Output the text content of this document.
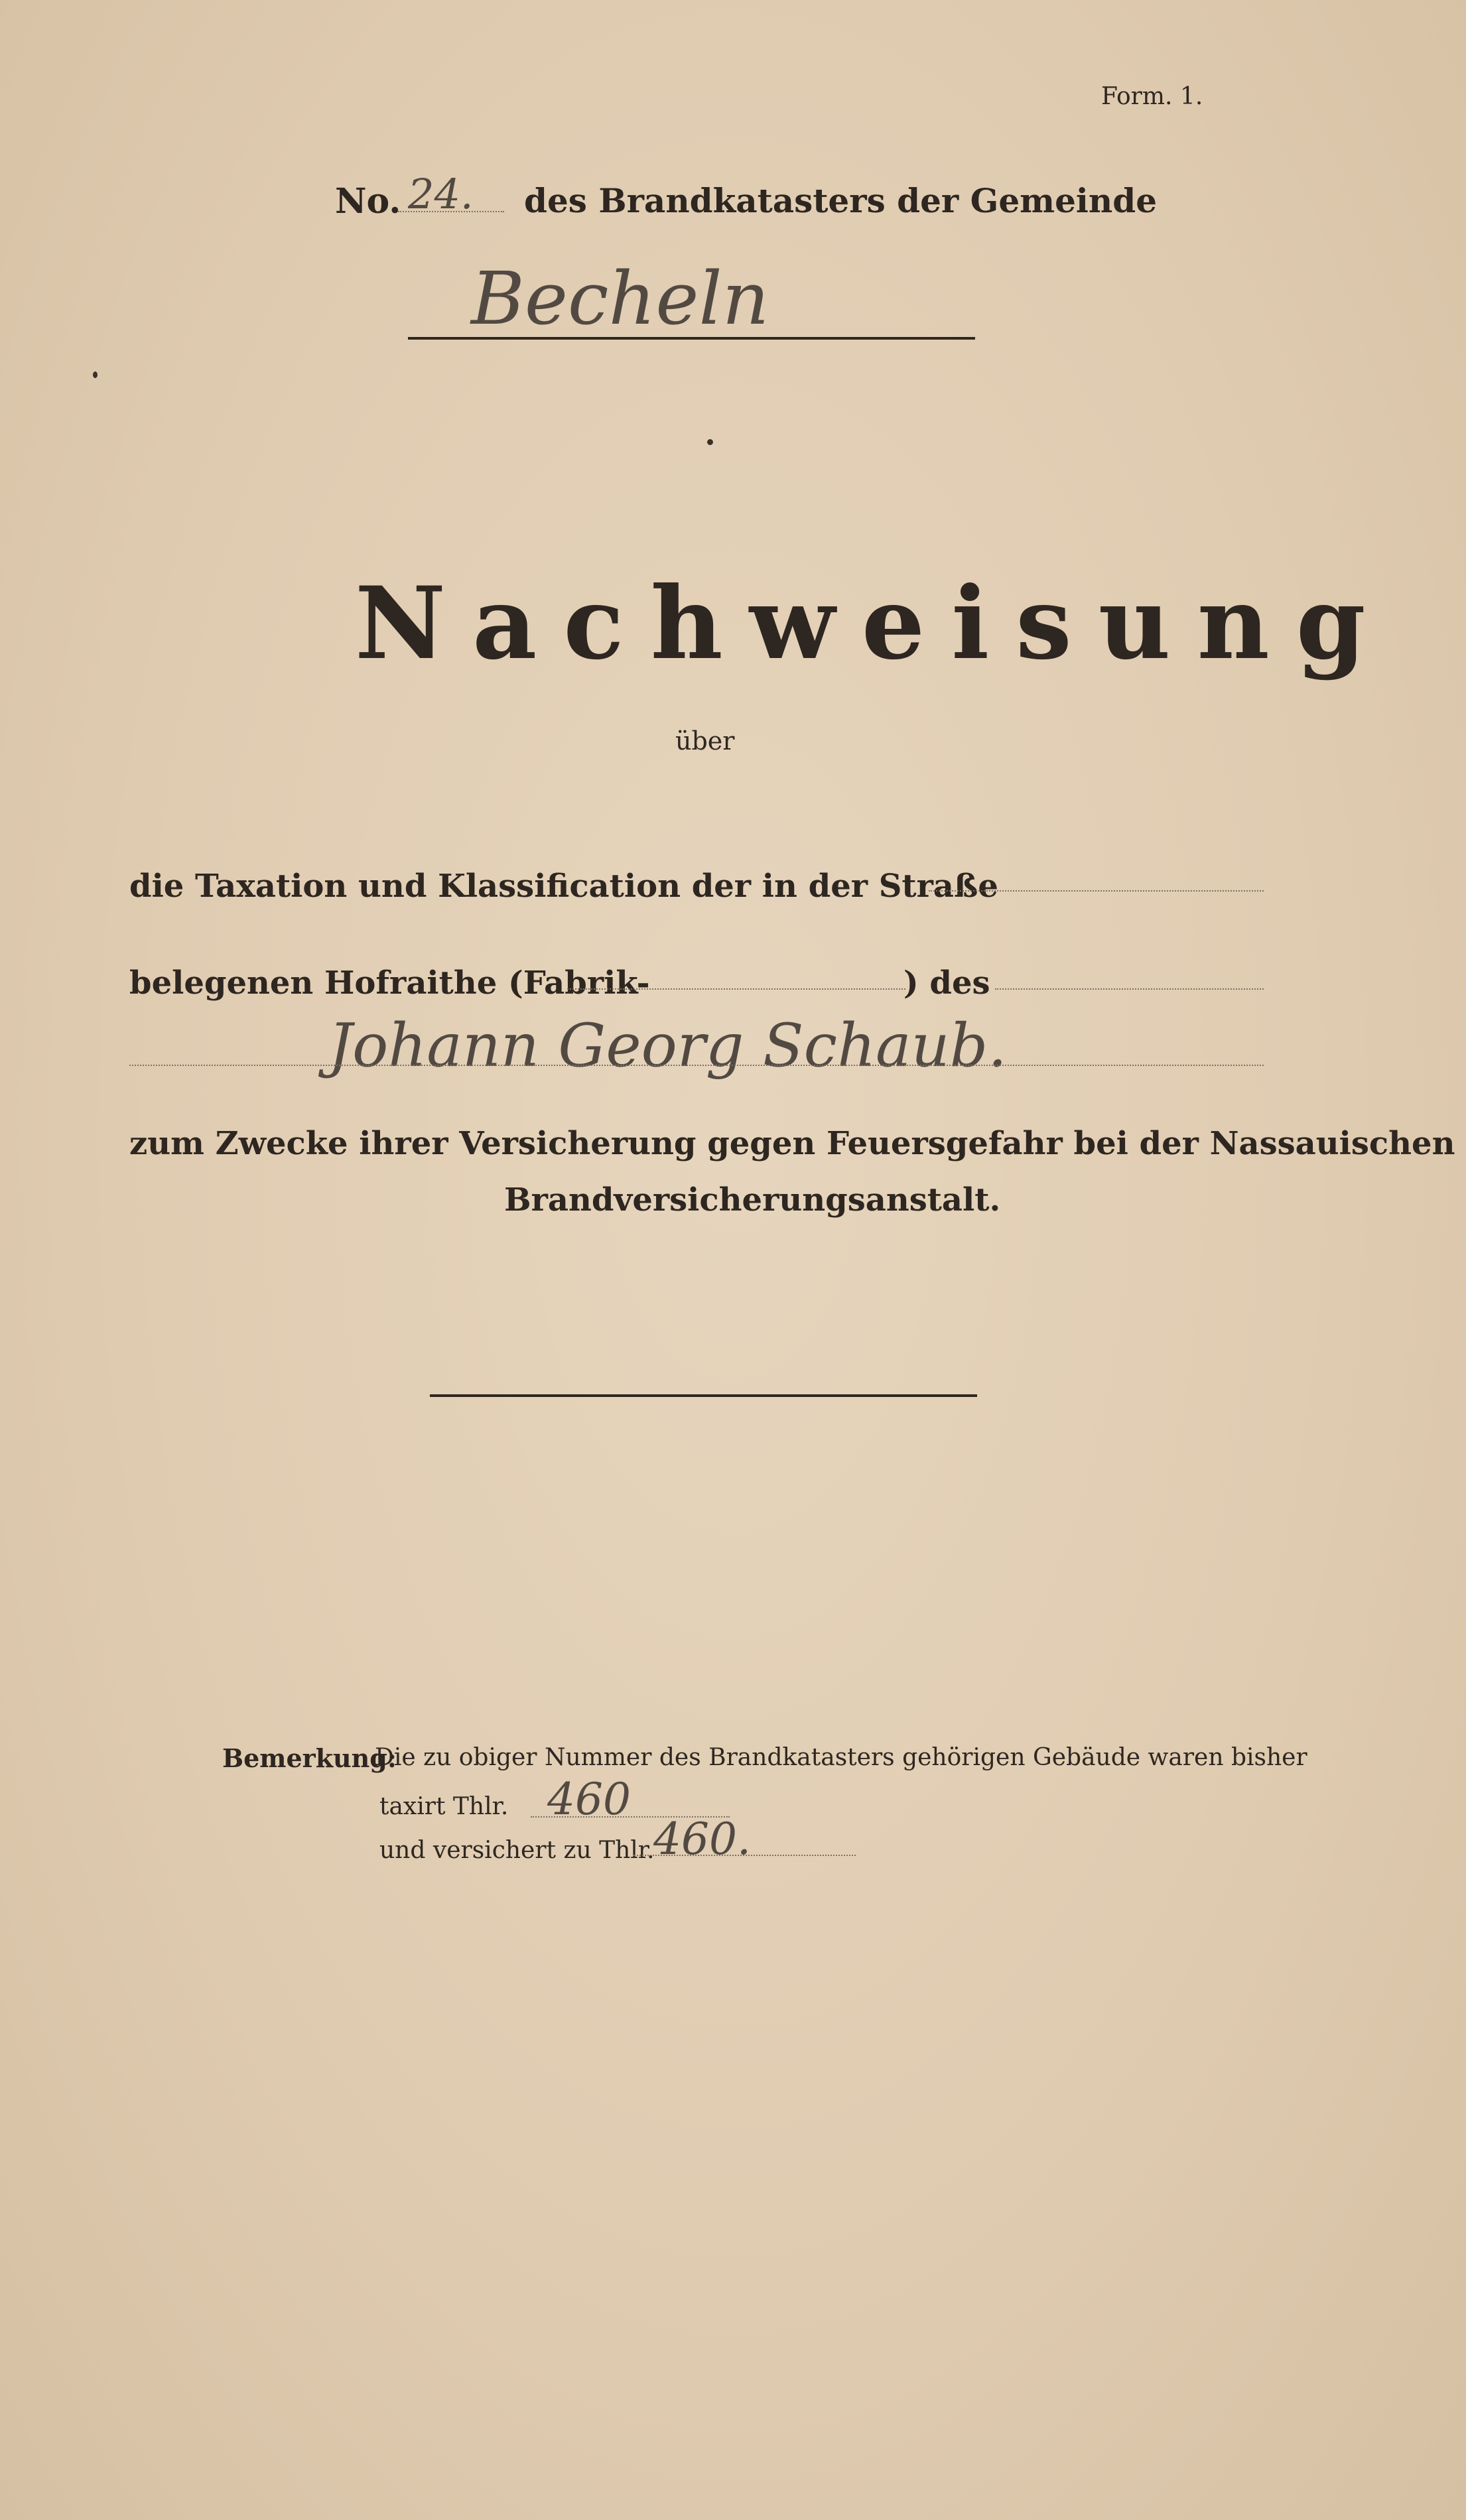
Form. 1.
No. 24. des Brandkatasters der Gemeinde
Becheln
Nachweisung
über
die Taxation und Klassification der in der Straße
belegenen Hofraithe (Fabrik-	) des
Johann Georg Schaub.
zum Zwecke ihrer Versicherung gegen Feuersgefahr bei der Nassauischen
Brandversicherungsanstalt.
Bemerkung:
Die zu obiger Nummer des Brandkatasters gehörigen Gebäude waren bisher
taxirt Thlr. 460
und versichert zu Thlr.
460.
